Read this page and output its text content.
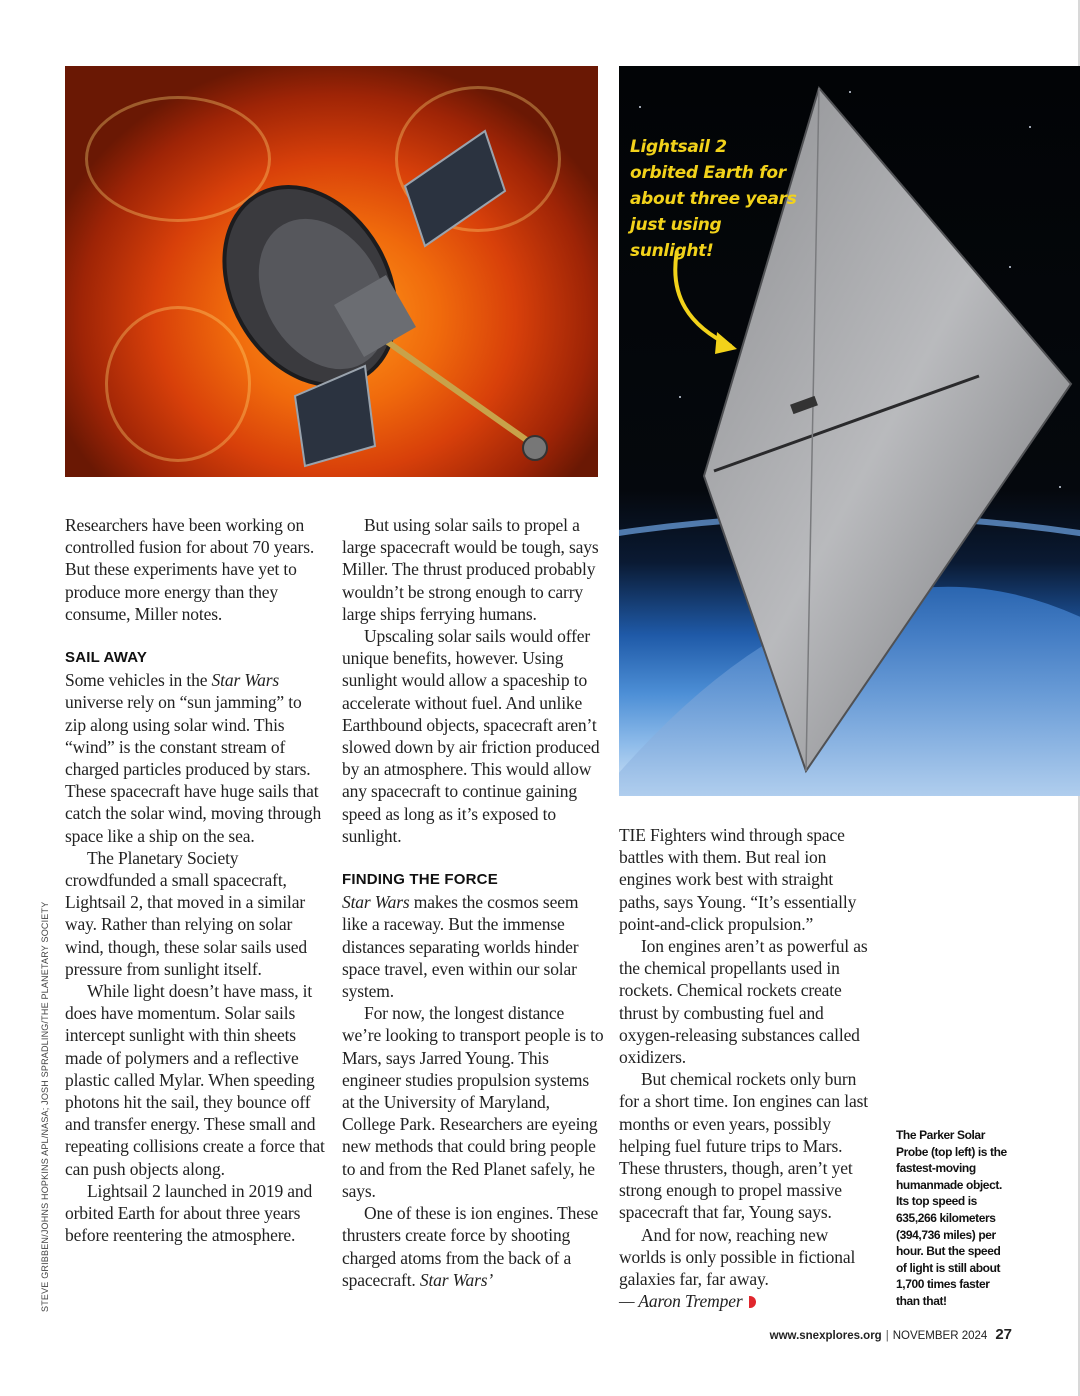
Lightsail 2 orbited Earth for about three years just using sunlight!
STEVE GRIBBEN/JOHNS HOPKINS APL/NASA; JOSH SPRADLING/THE PLANETARY SOCIETY

Researchers have been working on controlled fusion for about 70 years. But these experiments have yet to produce more energy than they consume, Miller notes.

SAIL AWAY

Some vehicles in the Star Wars universe rely on “sun jamming” to zip along using solar wind. This “wind” is the constant stream of charged particles produced by stars. These spacecraft have huge sails that catch the solar wind, moving through space like a ship on the sea.

The Planetary Society crowdfunded a small spacecraft, Lightsail 2, that moved in a similar way. Rather than relying on solar wind, though, these solar sails used pressure from sunlight itself.

While light doesn’t have mass, it does have momentum. Solar sails intercept sunlight with thin sheets made of polymers and a reflective plastic called Mylar. When speeding photons hit the sail, they bounce off and transfer energy. These small and repeating collisions create a force that can push objects along.

Lightsail 2 launched in 2019 and orbited Earth for about three years before reentering the atmosphere.

But using solar sails to propel a large spacecraft would be tough, says Miller. The thrust produced probably wouldn’t be strong enough to carry large ships ferrying humans.

Upscaling solar sails would offer unique benefits, however. Using sunlight would allow a spaceship to accelerate without fuel. And unlike Earthbound objects, spacecraft aren’t slowed down by air friction produced by an atmosphere. This would allow any spacecraft to continue gaining speed as long as it’s exposed to sunlight.

FINDING THE FORCE

Star Wars makes the cosmos seem like a raceway. But the immense distances separating worlds hinder space travel, even within our solar system.

For now, the longest distance we’re looking to transport people is to Mars, says Jarred Young. This engineer studies propulsion systems at the University of Maryland, College Park. Researchers are eyeing new methods that could bring people to and from the Red Planet safely, he says.

One of these is ion engines. These thrusters create force by shooting charged atoms from the back of a spacecraft. Star Wars’

TIE Fighters wind through space battles with them. But real ion engines work best with straight paths, says Young. “It’s essentially point-and-click propulsion.”

Ion engines aren’t as powerful as the chemical propellants used in rockets. Chemical rockets create thrust by combusting fuel and oxygen-releasing substances called oxidizers.

But chemical rockets only burn for a short time. Ion engines can last months or even years, possibly helping fuel future trips to Mars. These thrusters, though, aren’t yet strong enough to propel massive spacecraft that far, Young says.

And for now, reaching new worlds is only possible in fictional galaxies far, far away.

— Aaron Tremper

The Parker Solar Probe (top left) is the fastest-moving humanmade object. Its top speed is 635,266 kilometers (394,736 miles) per hour. But the speed of light is still about 1,700 times faster than that!
www.snexplores.org | NOVEMBER 2024 27
